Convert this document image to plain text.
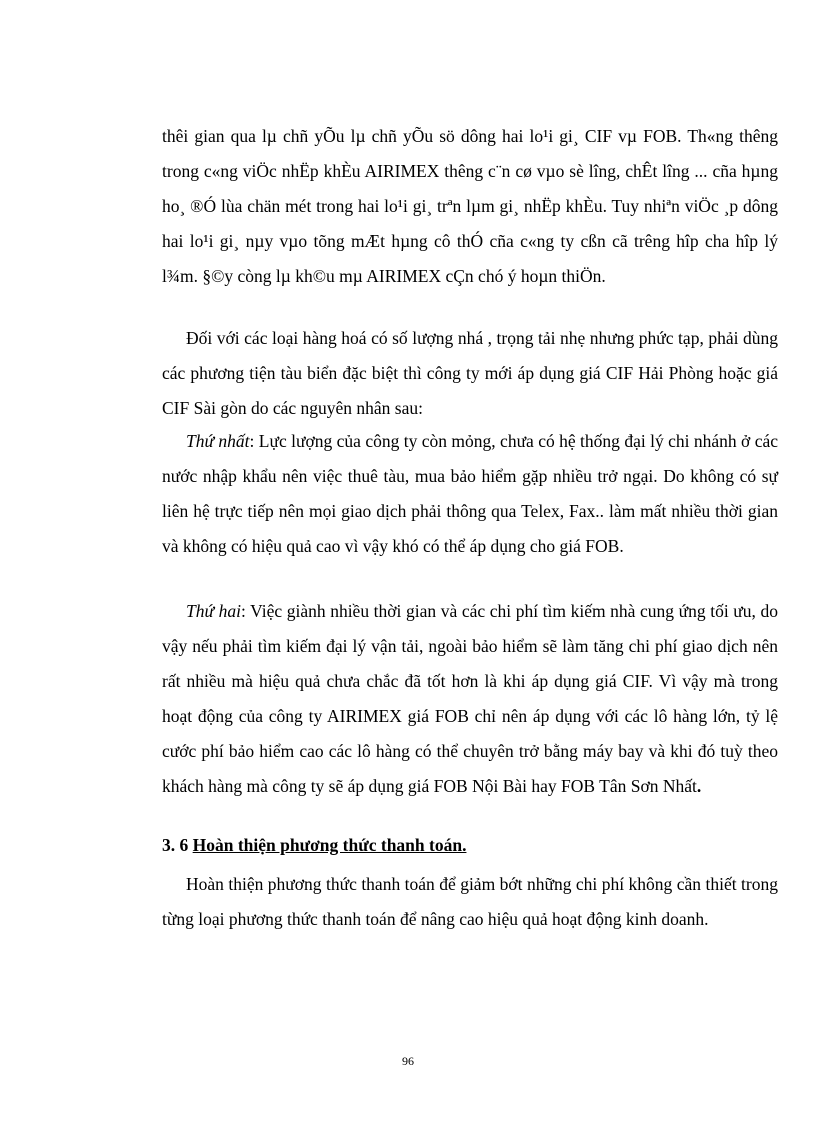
thêi gian qua lµ chñ yÕu lµ chñ yÕu sö dông hai lo¹i gi¸ CIF vµ FOB. Th«ng thêng trong c«ng viÖc nhËp khÈu AIRIMEX thêng c¨n cø vµo sè lîng, chÊt lîng ... cña hµng ho¸ ®Ó lùa chän mét trong hai lo¹i gi¸ trªn lµm gi¸ nhËp khÈu. Tuy nhiªn viÖc ¸p dông hai lo¹i gi¸ nµy vµo tõng mÆt hµng cô thÓ cña c«ng ty cßn cã trêng hîp cha hîp lý l¾m. §©y còng lµ kh©u mµ AIRIMEX cÇn chó ý hoµn thiÖn.

Đối với các loại hàng hoá có số lượng nhá , trọng tải nhẹ nhưng phức tạp, phải dùng các phương tiện tàu biển đặc biệt thì công ty mới áp dụng giá CIF Hải Phòng hoặc giá CIF Sài gòn do các nguyên nhân sau:

Thứ nhất: Lực lượng của công ty còn mỏng, chưa có hệ thống đại lý chi nhánh ở các nước nhập khẩu nên việc thuê tàu, mua bảo hiểm gặp nhiều trở ngại. Do không có sự liên hệ trực tiếp nên mọi giao dịch phải thông qua Telex, Fax.. làm mất nhiều thời gian và không có hiệu quả cao vì vậy khó có thể áp dụng cho giá FOB.

Thứ hai: Việc giành nhiều thời gian và các chi phí tìm kiếm nhà cung ứng tối ưu, do vậy nếu phải tìm kiếm đại lý vận tải, ngoài bảo hiểm sẽ làm tăng chi phí giao dịch nên rất nhiều mà hiệu quả chưa chắc đã tốt hơn là khi áp dụng giá CIF. Vì vậy mà trong hoạt động của công ty AIRIMEX giá FOB chỉ nên áp dụng với các lô hàng lớn, tỷ lệ cước phí bảo hiểm cao các lô hàng có thể chuyên trở bằng máy bay và khi đó tuỳ theo khách hàng mà công ty sẽ áp dụng giá FOB Nội Bài hay FOB Tân Sơn Nhất.

3. 6 Hoàn thiện phương thức thanh toán.

Hoàn thiện phương thức thanh toán để giảm bớt những chi phí không cần thiết trong từng loại phương thức thanh toán để nâng cao hiệu quả hoạt động kinh doanh.

96
